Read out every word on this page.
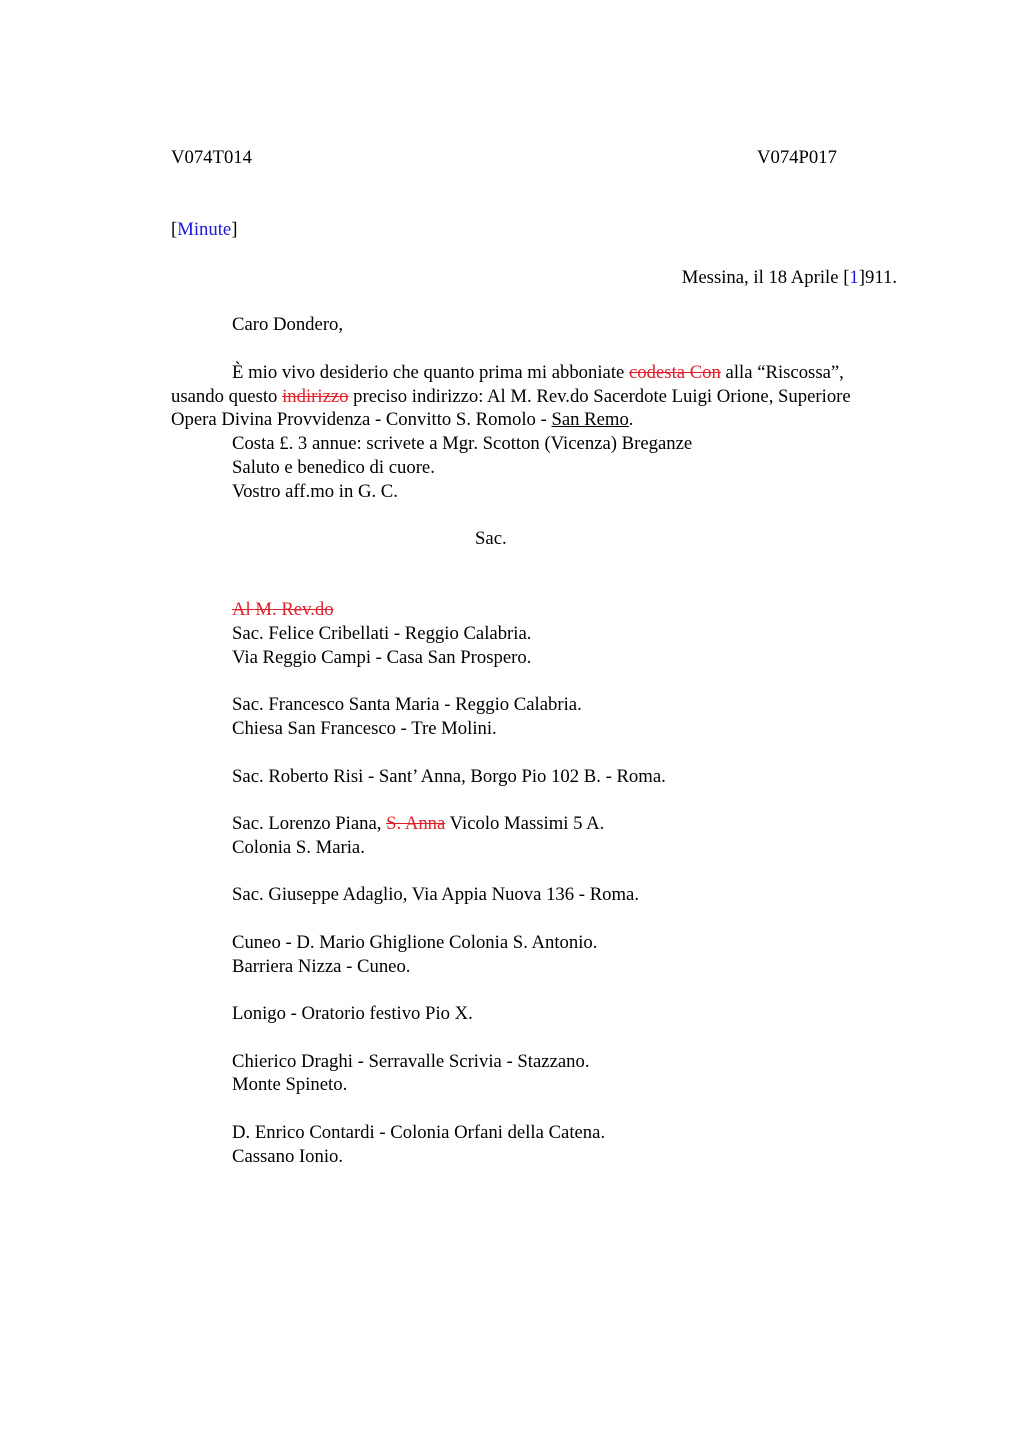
V074T014	V074P017
[Minute]
Messina, il 18 Aprile [1]911.
Caro Dondero,
È mio vivo desiderio che quanto prima mi abboniate codesta Con alla “Riscossa”,
usando questo indirizzo preciso indirizzo: Al M. Rev.do Sacerdote Luigi Orione, Superiore
Opera Divina Provvidenza - Convitto S. Romolo - San Remo.
Costa £. 3 annue: scrivete a Mgr. Scotton (Vicenza) Breganze
Saluto e benedico di cuore.
Vostro aff.mo in G. C.
Sac.
Al M. Rev.do
Sac. Felice Cribellati - Reggio Calabria.
Via Reggio Campi - Casa San Prospero.
Sac. Francesco Santa Maria - Reggio Calabria.
Chiesa San Francesco - Tre Molini.
Sac. Roberto Risi - Sant’ Anna, Borgo Pio 102 B. - Roma.
Sac. Lorenzo Piana, S. Anna Vicolo Massimi 5 A.
Colonia S. Maria.
Sac. Giuseppe Adaglio, Via Appia Nuova 136 - Roma.
Cuneo - D. Mario Ghiglione Colonia S. Antonio.
Barriera Nizza - Cuneo.
Lonigo - Oratorio festivo Pio X.
Chierico Draghi - Serravalle Scrivia - Stazzano.
Monte Spineto.
D. Enrico Contardi - Colonia Orfani della Catena.
Cassano Ionio.
